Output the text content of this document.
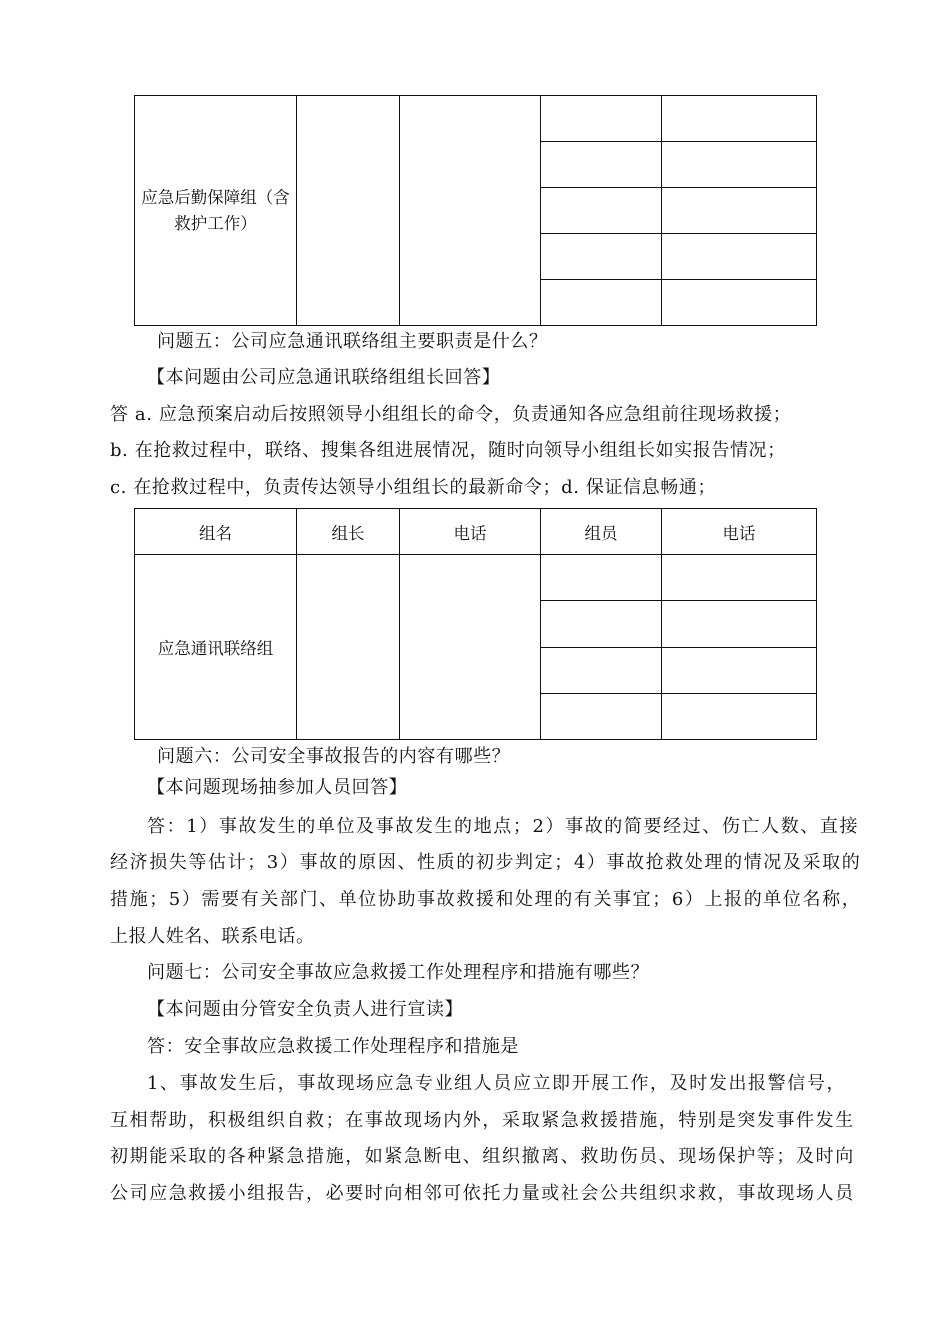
应急后勤保障组（含
救护工作）				

问题五：公司应急通讯联络组主要职责是什么？
【本问题由公司应急通讯联络组组长回答】
答 a. 应急预案启动后按照领导小组组长的命令，负责通知各应急组前往现场救援；
b. 在抢救过程中，联络、搜集各组进展情况，随时向领导小组组长如实报告情况；
c. 在抢救过程中，负责传达领导小组组长的最新命令；d. 保证信息畅通；
组名	组长	电话	组员	电话
应急通讯联络组				

问题六：公司安全事故报告的内容有哪些？
【本问题现场抽参加人员回答】
答：1）事故发生的单位及事故发生的地点；2）事故的简要经过、伤亡人数、直接
经济损失等估计；3）事故的原因、性质的初步判定；4）事故抢救处理的情况及采取的
措施；5）需要有关部门、单位协助事故救援和处理的有关事宜；6）上报的单位名称，
上报人姓名、联系电话。
问题七：公司安全事故应急救援工作处理程序和措施有哪些？
【本问题由分管安全负责人进行宣读】
答：安全事故应急救援工作处理程序和措施是
1、事故发生后，事故现场应急专业组人员应立即开展工作，及时发出报警信号，
互相帮助，积极组织自救；在事故现场内外，采取紧急救援措施，特别是突发事件发生
初期能采取的各种紧急措施，如紧急断电、组织撤离、救助伤员、现场保护等；及时向
公司应急救援小组报告，必要时向相邻可依托力量或社会公共组织求救，事故现场人员
